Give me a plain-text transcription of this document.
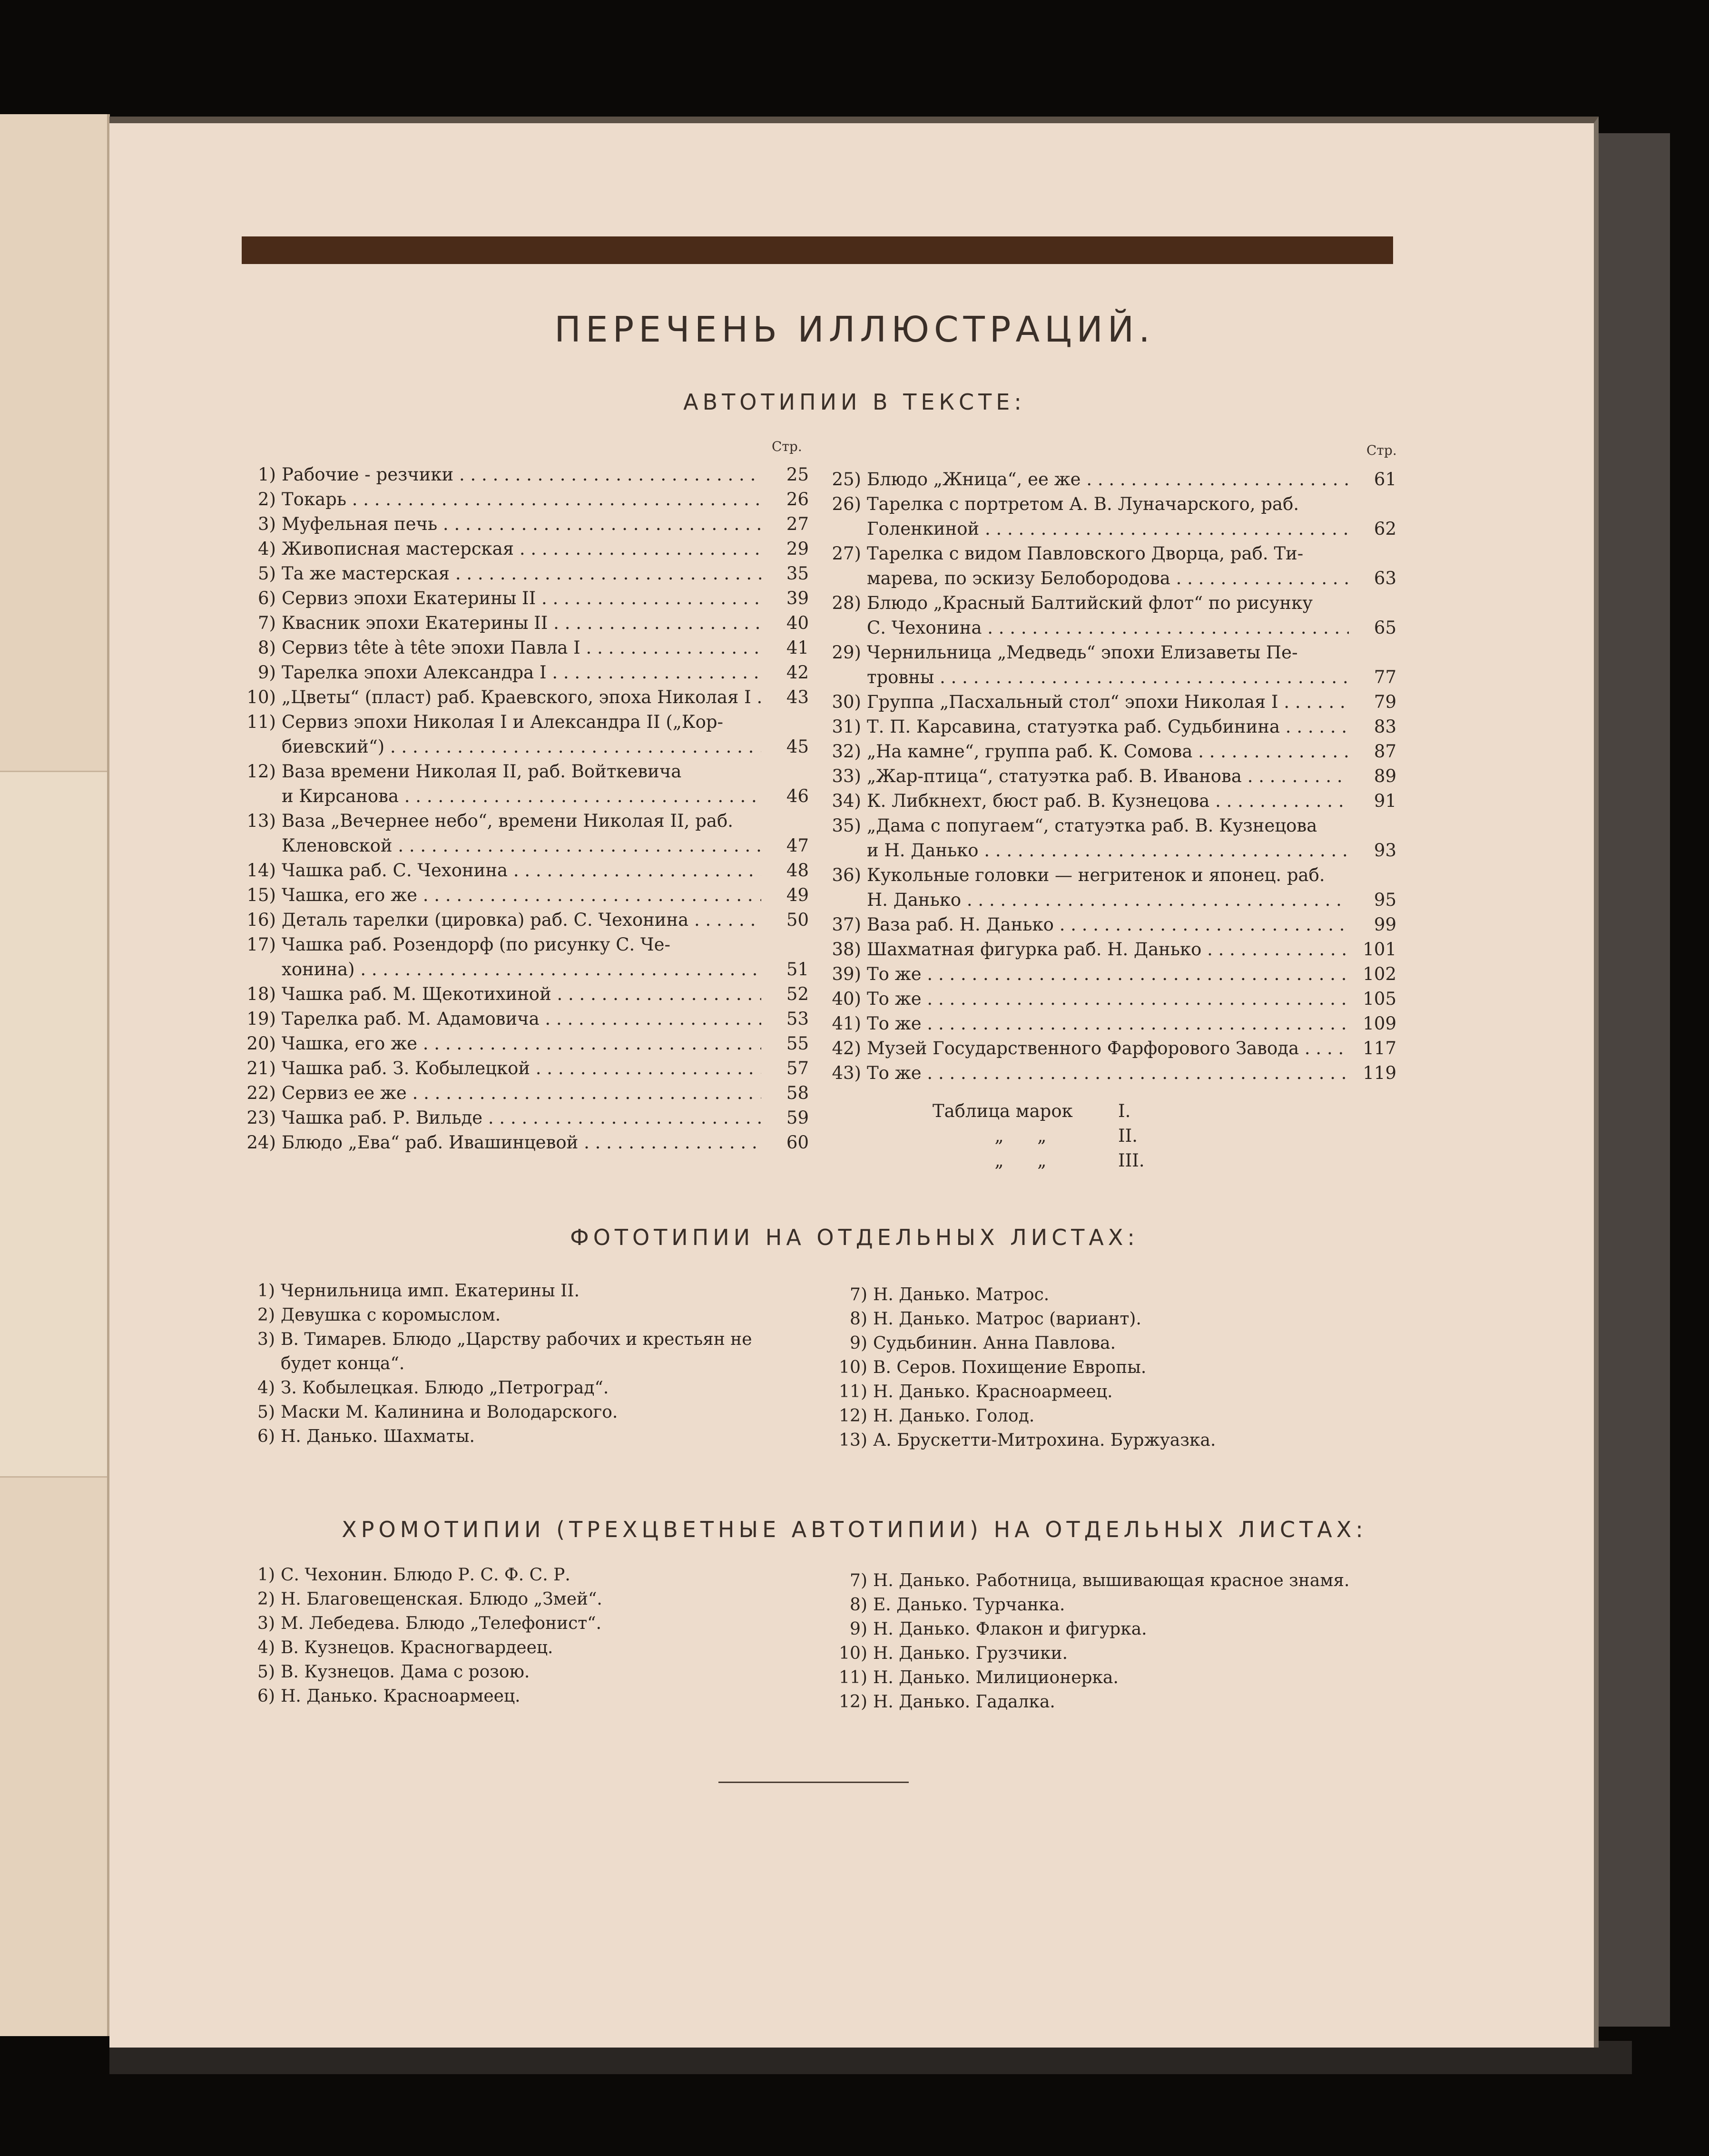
ПЕРЕЧЕНЬ ИЛЛЮСТРАЦИЙ.
АВТОТИПИИ В ТЕКСТЕ:
Стр.	Стр.
1) Рабочие - резчики . . .	25
2) Токарь . . .	26
3) Муфельная печь . . .	27
4) Живописная мастерская . . .	29
5) Та же мастерская . . .	35
6) Сервиз эпохи Екатерины II . . .	39
7) Квасник эпохи Екатерины II . . .	40
8) Сервиз tête à tête эпохи Павла I . . .	41
9) Тарелка эпохи Александра I . . .	42
10) „Цветы“ (пласт) раб. Краевского, эпоха Николая I . . .	43
11) Сервиз эпохи Николая I и Александра II („Кор-
биевский“) . . .	45
12) Ваза времени Николая II, раб. Войткевича
и Кирсанова . . .	46
13) Ваза „Вечернее небо“, времени Николая II, раб.
Кленовской . . .	47
14) Чашка раб. С. Чехонина . . .	48
15) Чашка, его же . . .	49
16) Деталь тарелки (цировка) раб. С. Чехонина . . .	50
17) Чашка раб. Розендорф (по рисунку С. Че-
хонина) . . .	51
18) Чашка раб. М. Щекотихиной . . .	52
19) Тарелка раб. М. Адамовича . . .	53
20) Чашка, его же . . .	55
21) Чашка раб. З. Кобылецкой . . .	57
22) Сервиз ее же . . .	58
23) Чашка раб. Р. Вильде . . .	59
24) Блюдо „Ева“ раб. Ивашинцевой . . .	60
25) Блюдо „Жница“, ее же . . .	61
26) Тарелка с портретом А. В. Луначарского, раб.
Голенкиной . . .	62
27) Тарелка с видом Павловского Дворца, раб. Ти-
марева, по эскизу Белобородова . . .	63
28) Блюдо „Красный Балтийский флот“ по рисунку
С. Чехонина . . .	65
29) Чернильница „Медведь“ эпохи Елизаветы Пе-
тровны . . .	77
30) Группа „Пасхальный стол“ эпохи Николая I . . .	79
31) Т. П. Карсавина, статуэтка раб. Судьбинина . . .	83
32) „На камне“, группа раб. К. Сомова . . .	87
33) „Жар-птица“, статуэтка раб. В. Иванова . . .	89
34) К. Либкнехт, бюст раб. В. Кузнецова . . .	91
35) „Дама с попугаем“, статуэтка раб. В. Кузнецова
и Н. Данько . . .	93
36) Кукольные головки — негритенок и японец. раб.
Н. Данько . . .	95
37) Ваза раб. Н. Данько . . .	99
38) Шахматная фигурка раб. Н. Данько . . .	101
39) То же . . .	102
40) То же . . .	105
41) То же . . .	109
42) Музей Государственного Фарфорового Завода . . .	117
43) То же . . .	119
Таблица марок	I.
„      „	II.
„      „	III.
ФОТОТИПИИ НА ОТДЕЛЬНЫХ ЛИСТАХ:
1) Чернильница имп. Екатерины II.
2) Девушка с коромыслом.
3) В. Тимарев. Блюдо „Царству рабочих и крестьян не
будет конца“.
4) З. Кобылецкая. Блюдо „Петроград“.
5) Маски М. Калинина и Володарского.
6) Н. Данько. Шахматы.
7) Н. Данько. Матрос.
8) Н. Данько. Матрос (вариант).
9) Судьбинин. Анна Павлова.
10) В. Серов. Похищение Европы.
11) Н. Данько. Красноармеец.
12) Н. Данько. Голод.
13) А. Брускетти-Митрохина. Буржуазка.
ХРОМОТИПИИ (ТРЕХЦВЕТНЫЕ АВТОТИПИИ) НА ОТДЕЛЬНЫХ ЛИСТАХ:
1) С. Чехонин. Блюдо Р. С. Ф. С. Р.
2) Н. Благовещенская. Блюдо „Змей“.
3) М. Лебедева. Блюдо „Телефонист“.
4) В. Кузнецов. Красногвардеец.
5) В. Кузнецов. Дама с розою.
6) Н. Данько. Красноармеец.
7) Н. Данько. Работница, вышивающая красное знамя.
8) Е. Данько. Турчанка.
9) Н. Данько. Флакон и фигурка.
10) Н. Данько. Грузчики.
11) Н. Данько. Милиционерка.
12) Н. Данько. Гадалка.
